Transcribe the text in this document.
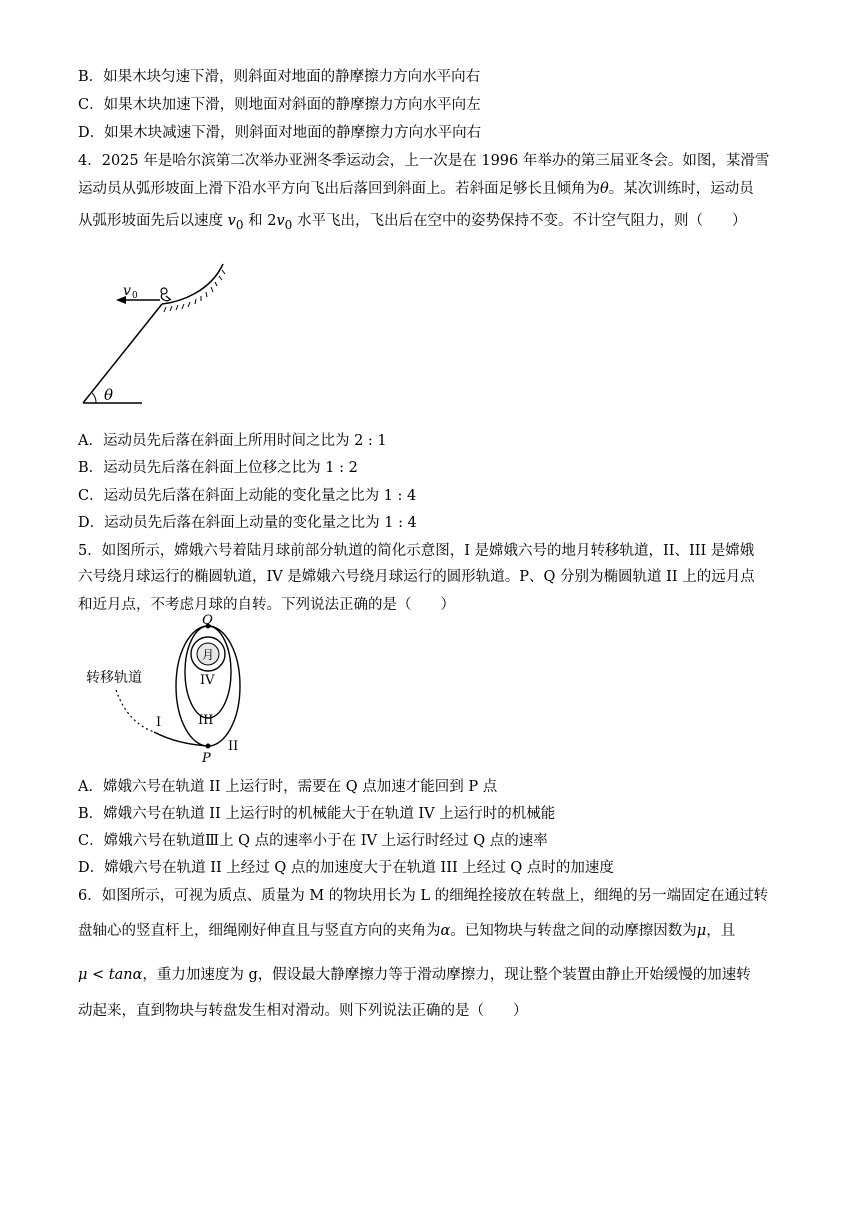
B．如果木块匀速下滑，则斜面对地面的静摩擦力方向水平向右
C．如果木块加速下滑，则地面对斜面的静摩擦力方向水平向左
D．如果木块减速下滑，则斜面对地面的静摩擦力方向水平向右
4．2025 年是哈尔滨第二次举办亚洲冬季运动会，上一次是在 1996 年举办的第三届亚冬会。如图，某滑雪
运动员从弧形坡面上滑下沿水平方向飞出后落回到斜面上。若斜面足够长且倾角为θ。某次训练时，运动员
从弧形坡面先后以速度 $v_0$ 和 $2v_0$ 水平飞出，飞出后在空中的姿势保持不变。不计空气阻力，则（　　）
θ
v 0
A．运动员先后落在斜面上所用时间之比为 2 : 1
B．运动员先后落在斜面上位移之比为 1 : 2
C．运动员先后落在斜面上动能的变化量之比为 1 : 4
D．运动员先后落在斜面上动量的变化量之比为 1 : 4
5．如图所示，嫦娥六号着陆月球前部分轨道的简化示意图，I 是嫦娥六号的地月转移轨道，II、III 是嫦娥
六号绕月球运行的椭圆轨道，IV 是嫦娥六号绕月球运行的圆形轨道。P、Q 分别为椭圆轨道 II 上的远月点
和近月点，不考虑月球的自转。下列说法正确的是（　　）
月
Q
P
IV
III
II
I
转移轨道
A．嫦娥六号在轨道 II 上运行时，需要在 Q 点加速才能回到 P 点
B．嫦娥六号在轨道 II 上运行时的机械能大于在轨道 IV 上运行时的机械能
C．嫦娥六号在轨道Ⅲ上 Q 点的速率小于在 IV 上运行时经过 Q 点的速率
D．嫦娥六号在轨道 II 上经过 Q 点的加速度大于在轨道 III 上经过 Q 点时的加速度
6．如图所示，可视为质点、质量为 M 的物块用长为 L 的细绳拴接放在转盘上，细绳的另一端固定在通过转
盘轴心的竖直杆上，细绳刚好伸直且与竖直方向的夹角为α。已知物块与转盘之间的动摩擦因数为μ，且
μ < tanα，重力加速度为 g，假设最大静摩擦力等于滑动摩擦力，现让整个装置由静止开始缓慢的加速转
动起来，直到物块与转盘发生相对滑动。则下列说法正确的是（　　）
